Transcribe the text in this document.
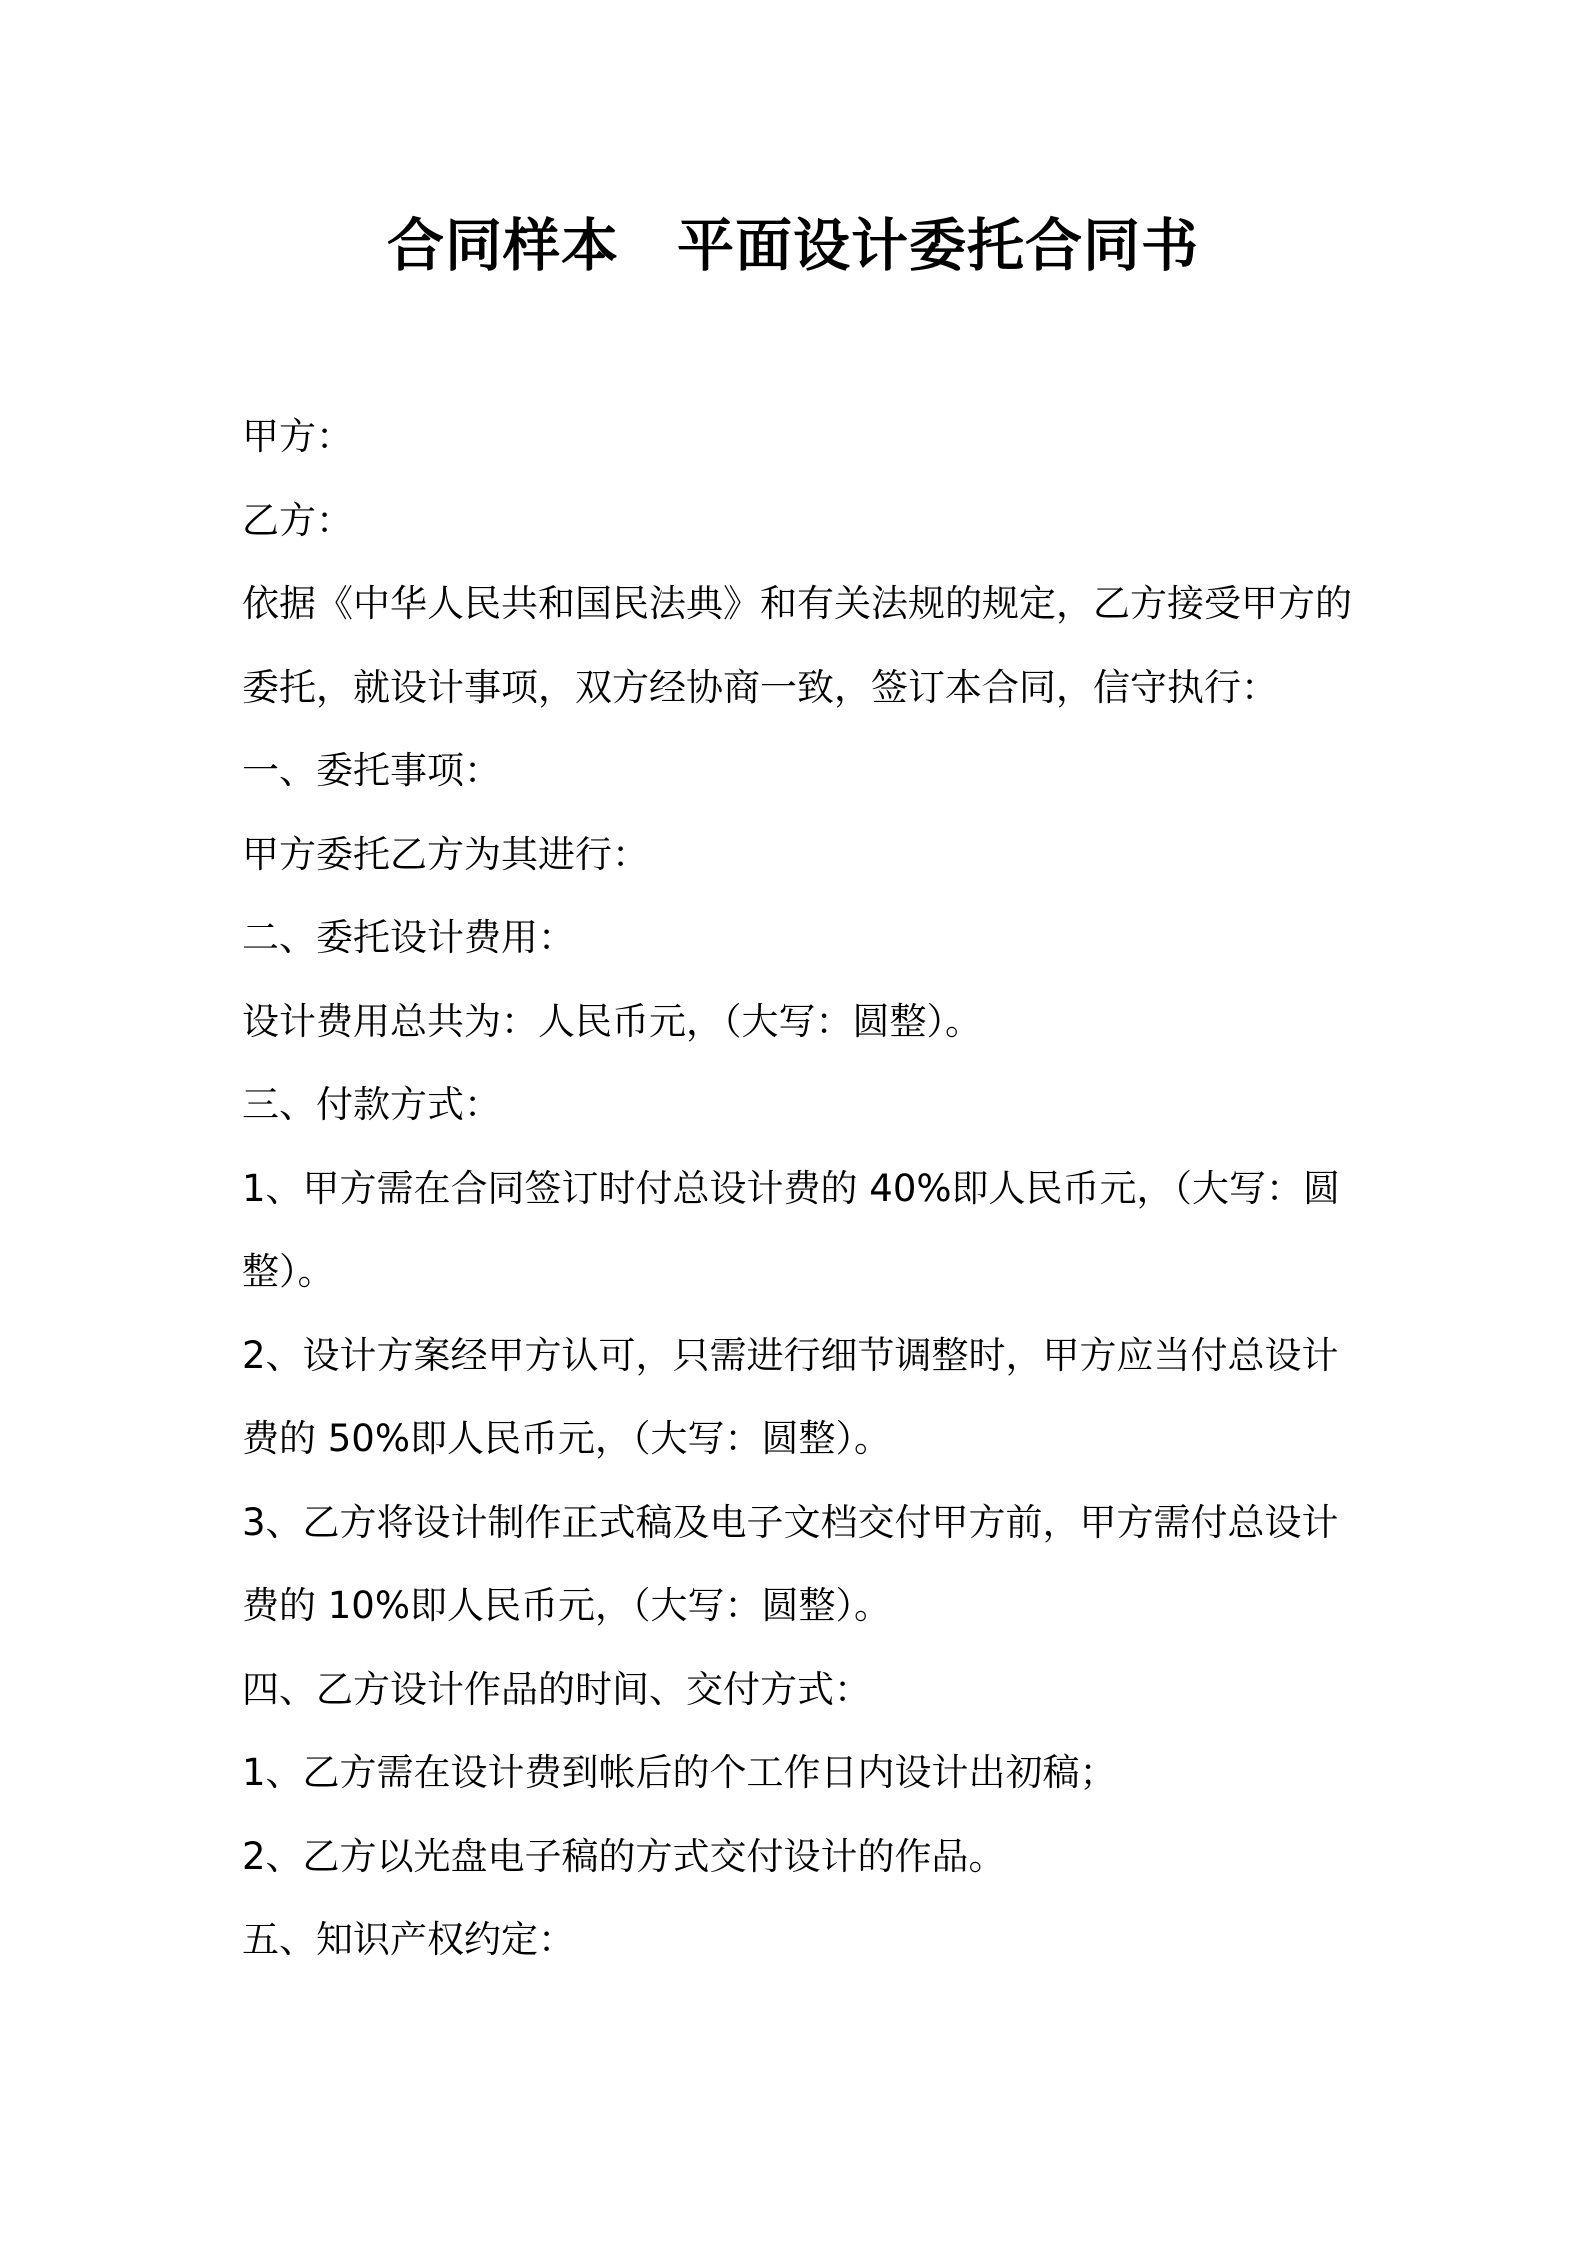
合同样本　平面设计委托合同书
甲方：
乙方：
依据《中华人民共和国民法典》和有关法规的规定，乙方接受甲方的
委托，就设计事项，双方经协商一致，签订本合同，信守执行：
一、委托事项：
甲方委托乙方为其进行：
二、委托设计费用：
设计费用总共为：人民币元，（大写：圆整）。
三、付款方式：
1、甲方需在合同签订时付总设计费的 40%即人民币元，（大写：圆
整）。
2、设计方案经甲方认可，只需进行细节调整时，甲方应当付总设计
费的 50%即人民币元，（大写：圆整）。
3、乙方将设计制作正式稿及电子文档交付甲方前，甲方需付总设计
费的 10%即人民币元，（大写：圆整）。
四、乙方设计作品的时间、交付方式：
1、乙方需在设计费到帐后的个工作日内设计出初稿；
2、乙方以光盘电子稿的方式交付设计的作品。
五、知识产权约定：
